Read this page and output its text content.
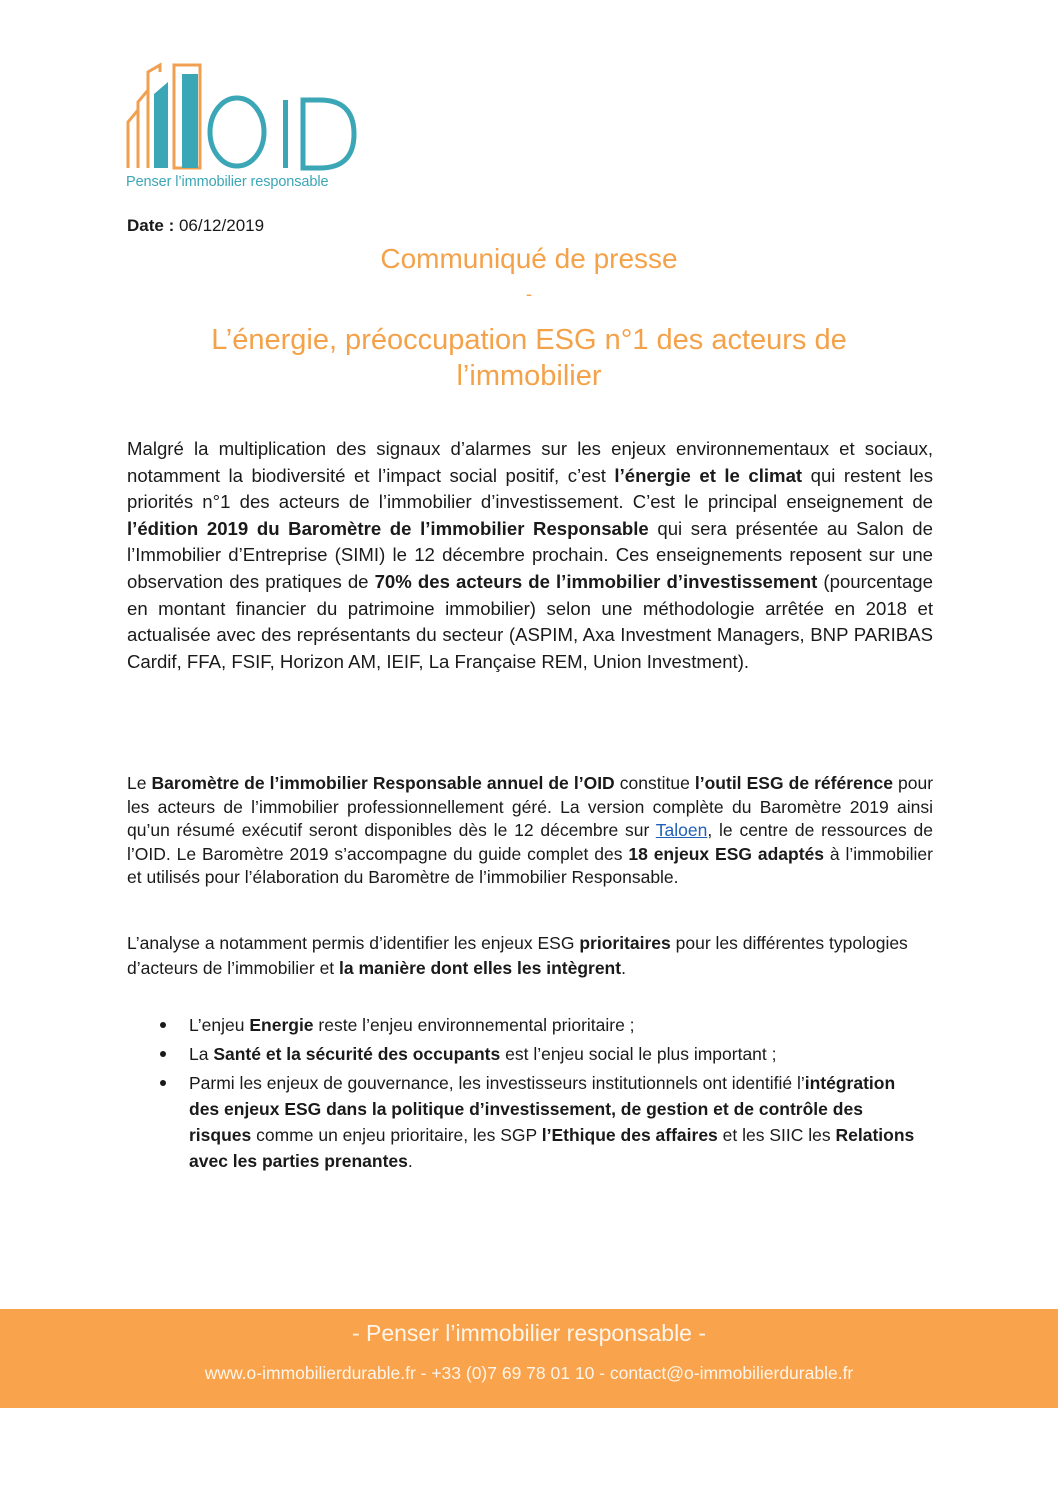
Penser l’immobilier responsable
Date : 06/12/2019
Communiqué de presse
-
L’énergie, préoccupation ESG n°1 des acteurs de
l’immobilier
Malgré la multiplication des signaux d’alarmes sur les enjeux environnementaux et sociaux, notamment la biodiversité et l’impact social positif, c’est l’énergie et le climat qui restent les priorités n°1 des acteurs de l’immobilier d’investissement. C’est le principal enseignement de l’édition 2019 du Baromètre de l’immobilier Responsable qui sera présentée au Salon de l’Immobilier d’Entreprise (SIMI) le 12 décembre prochain. Ces enseignements reposent sur une observation des pratiques de 70% des acteurs de l’immobilier d’investissement (pourcentage en montant financier du patrimoine immobilier) selon une méthodologie arrêtée en 2018 et actualisée avec des représentants du secteur (ASPIM, Axa Investment Managers, BNP PARIBAS Cardif, FFA, FSIF, Horizon AM, IEIF, La Française REM, Union Investment).
Le Baromètre de l’immobilier Responsable annuel de l’OID constitue l’outil ESG de référence pour les acteurs de l’immobilier professionnellement géré. La version complète du Baromètre 2019 ainsi qu’un résumé exécutif seront disponibles dès le 12 décembre sur Taloen, le centre de ressources de l’OID. Le Baromètre 2019 s’accompagne du guide complet des 18 enjeux ESG adaptés à l’immobilier et utilisés pour l’élaboration du Baromètre de l’immobilier Responsable.
L’analyse a notamment permis d’identifier les enjeux ESG prioritaires pour les différentes typologies d’acteurs de l’immobilier et la manière dont elles les intègrent.
L’enjeu Energie reste l’enjeu environnemental prioritaire ;
La Santé et la sécurité des occupants est l’enjeu social le plus important ;
Parmi les enjeux de gouvernance, les investisseurs institutionnels ont identifié l’intégration des enjeux ESG dans la politique d’investissement, de gestion et de contrôle des risques comme un enjeu prioritaire, les SGP l’Ethique des affaires et les SIIC les Relations avec les parties prenantes.
- Penser l’immobilier responsable -
www.o-immobilierdurable.fr - +33 (0)7 69 78 01 10 - contact@o-immobilierdurable.fr
